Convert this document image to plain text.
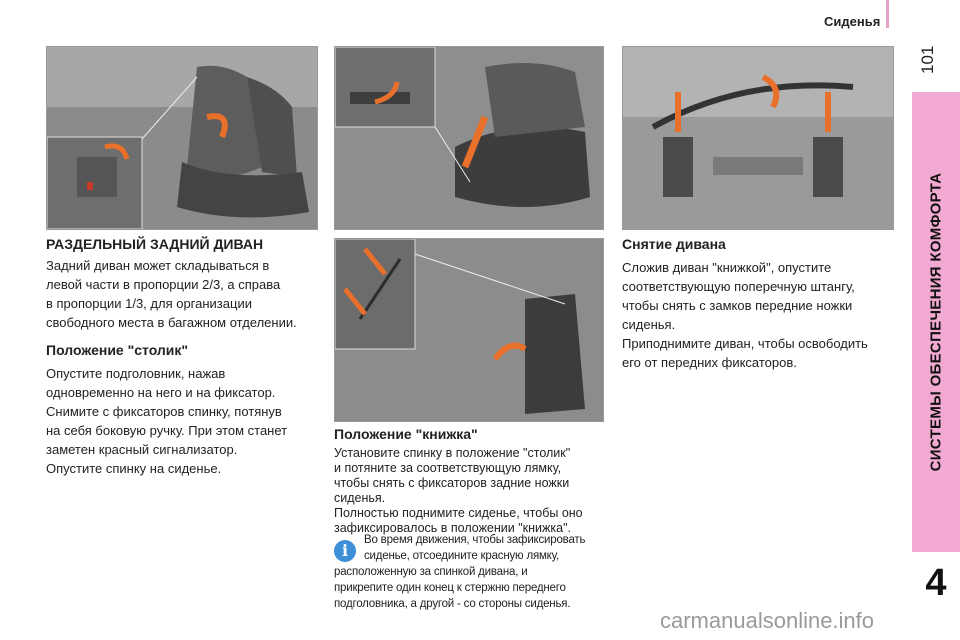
Сиденья
101
СИСТЕМЫ ОБЕСПЕЧЕНИЯ КОМФОРТА
4
РАЗДЕЛЬНЫЙ ЗАДНИЙ ДИВАН
Задний диван может складываться в
левой части в пропорции 2/3, а справа
в пропорции 1/3, для организации
свободного места в багажном отделении.
Положение "столик"
Опустите подголовник, нажав
одновременно на него и на фиксатор.
Снимите с фиксаторов спинку, потянув
на себя боковую ручку. При этом станет
заметен красный сигнализатор.
Опустите спинку на сиденье.
Положение "книжка"
Установите спинку в положение "столик"
и потяните за соответствующую лямку,
чтобы снять с фиксаторов задние ножки
сиденья.
Полностью поднимите сиденье, чтобы оно
зафиксировалось в положении "книжка".
i
Во время движения, чтобы зафиксировать
сиденье, отсоедините красную лямку,
расположенную за спинкой дивана, и
прикрепите один конец к стержню переднего
подголовника, а другой - со стороны сиденья.
Снятие дивана
Сложив диван "книжкой", опустите
соответствующую поперечную штангу,
чтобы снять с замков передние ножки
сиденья.
Приподнимите диван, чтобы освободить
его от передних фиксаторов.
carmanualsonline.info
